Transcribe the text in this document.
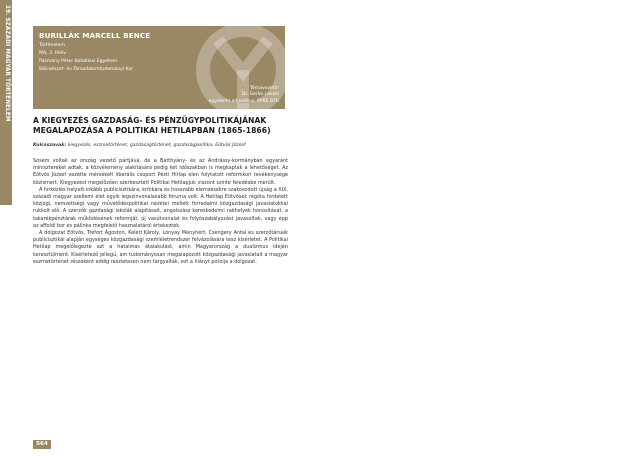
19. SZÁZADI MAGYAR TÖRTÉNELEM	BURILLÁK MARCELL BENCE
Történelem
MA, 3. félév
Pázmány Péter Katolikus Egyetem
Bölcsészet- és Társadalomtudományi Kar
Témavezető:
Dr. Gerlei László
egyetemi adjunktus, PPKE BTK
A KIEGYEZÉS GAZDASÁG- ÉS PÉNZÜGYPOLITIKÁJÁNAK MEGALAPOZÁSA A POLITIKAI HETILAPBAN (1865-1866)
Kulcsszavak: kiegyezés, eszmetörténet, gazdaságtörténet, gazdaságpolitika, Eötvös József

Sosem voltak az ország vezető pártjává, de a Batthyány- és az Andrássy-kormányban egyaránt minisztereket adtak, a közvélemény alakítására pedig két időszakban is megkaptak a lehetőséget. Az Eötvös József vezette mérsékelt liberális csoport Pesti Hírlap elen folytatott reformkori tevékenysége közismert. Kiegyezést megelőzően szerkesztett Politikai Hetilapjuk viszont szinte feledésbe merült.

A hírközlés helyett inkább publicisztikára, kritikára és hosszabb elemzésekre szakosodott újság a XIX. századi magyar szellemi élet egyik legszínvonalasabb fóruma volt. A Hetilap Eötvösék régóta hirdetett közjogi, nemzetiségi vagy művelődéspolitikai nézetei mellett forradalmi közgazdasági javaslatokkal rukkolt elő. A szerzők gazdasági iskolák alapításait, angolszász kereskedelmi rakhelyek honosítását, a takarékpénztárak működésének reformját, új vasútvonalat és folyószabályozást javasoltak, vagy épp az affoldi bor és pálinka megfelelő hasznalatárol értekeztek.

A dolgozat Eötvös, Trefort Ágoston, Keleti Károly, Lónyay Menyhért, Csengery Antal és szerzőtársaik publicisztikái alapján egységes közgazdasági szemléletrendszer felvázolására tesz kísérletet. A Politikai Hetilap megelőlegezte azt a hatalmas átalakulást, amin Magyarország a dualizmus idején keresztülment. Kísérletező jellegű, am tudományosan megalapozott közgazdasági javaslatait a magyar eszmetörténet részeként eddig részletesen nem tárgyalták, ezt a hiányt pótolja a dolgozat.

564
